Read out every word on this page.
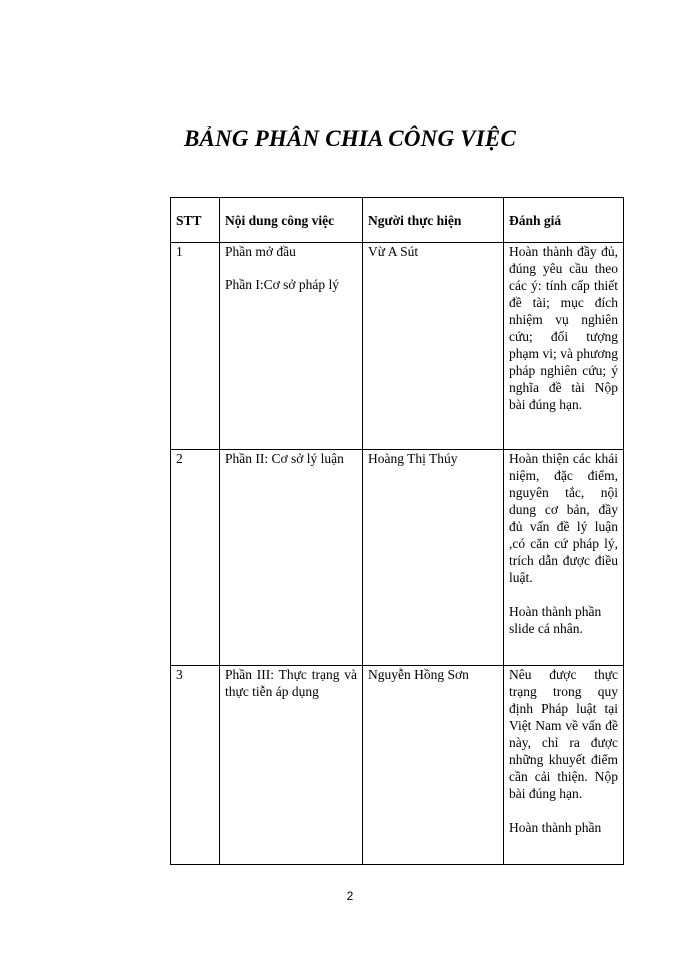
BẢNG PHÂN CHIA CÔNG VIỆC
STT	Nội dung công việc	Người thực hiện	Đánh giá
1	Phần mở đầu

Phần I:Cơ sở pháp lý	Vừ A Sút	Hoàn thành đầy đủ, đúng yêu cầu theo các ý: tính cấp thiết đề tài; mục đích nhiệm vụ nghiên cứu; đối tượng phạm vi; và phương pháp nghiên cứu; ý nghĩa đề tài Nộp bài đúng hạn.

2	Phần II: Cơ sở lý luận	Hoàng Thị Thúy	Hoàn thiện các khái niệm, đặc điểm, nguyên tắc, nội dung cơ bản, đầy đủ vấn đề lý luận ,có căn cứ pháp lý, trích dẫn được điều luật.

Hoàn thành phần slide cá nhân.

3	Phần III: Thực trạng và thực tiễn áp dụng	Nguyễn Hồng Sơn	Nêu được thực trạng trong quy định Pháp luật tại Việt Nam về vấn đề này, chỉ ra được những khuyết điểm cần cải thiện. Nộp bài đúng hạn.

Hoàn thành phần

2
